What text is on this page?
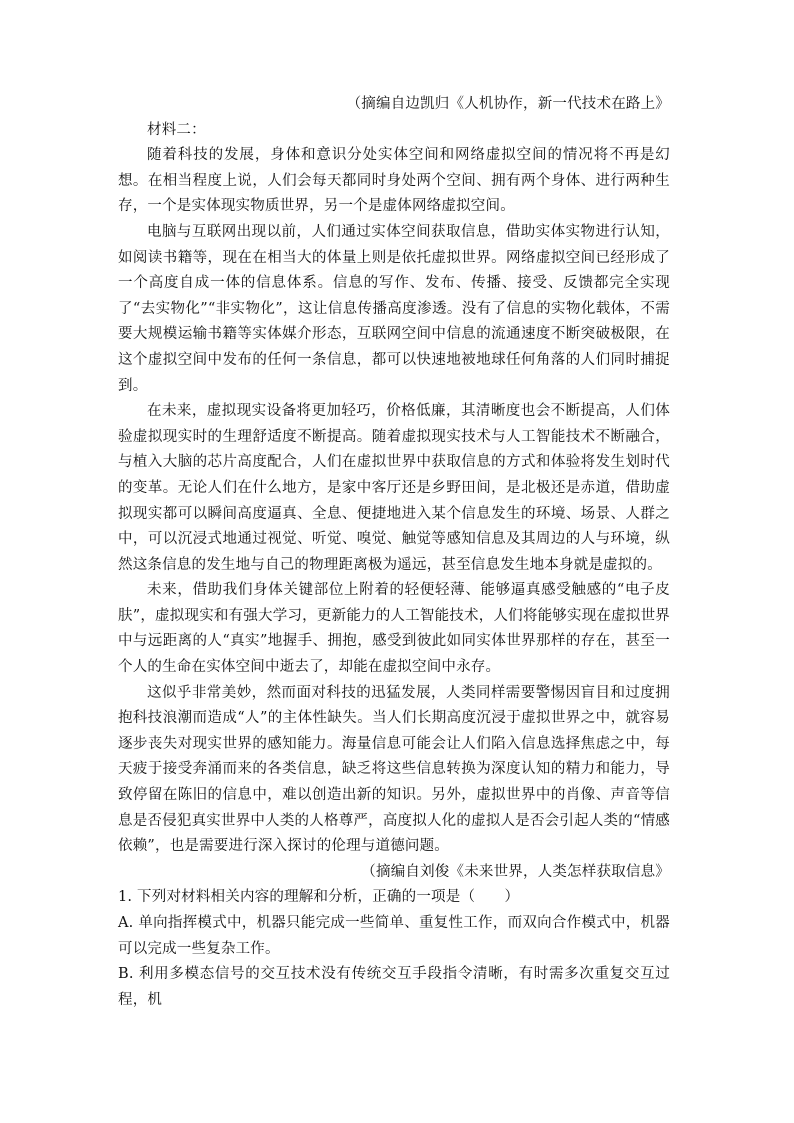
（摘编自边凯归《人机协作，新一代技术在路上》

材料二：

随着科技的发展，身体和意识分处实体空间和网络虚拟空间的情况将不再是幻想。在相当程度上说，人们会每天都同时身处两个空间、拥有两个身体、进行两种生存，一个是实体现实物质世界，另一个是虚体网络虚拟空间。

电脑与互联网出现以前，人们通过实体空间获取信息，借助实体实物进行认知，如阅读书籍等，现在在相当大的体量上则是依托虚拟世界。网络虚拟空间已经形成了一个高度自成一体的信息体系。信息的写作、发布、传播、接受、反馈都完全实现了“去实物化”“非实物化”，这让信息传播高度渗透。没有了信息的实物化载体，不需要大规模运输书籍等实体媒介形态，互联网空间中信息的流通速度不断突破极限，在这个虚拟空间中发布的任何一条信息，都可以快速地被地球任何角落的人们同时捕捉到。

在未来，虚拟现实设备将更加轻巧，价格低廉，其清晰度也会不断提高，人们体验虚拟现实时的生理舒适度不断提高。随着虚拟现实技术与人工智能技术不断融合，与植入大脑的芯片高度配合，人们在虚拟世界中获取信息的方式和体验将发生划时代的变革。无论人们在什么地方，是家中客厅还是乡野田间，是北极还是赤道，借助虚拟现实都可以瞬间高度逼真、全息、便捷地进入某个信息发生的环境、场景、人群之中，可以沉浸式地通过视觉、听觉、嗅觉、触觉等感知信息及其周边的人与环境，纵然这条信息的发生地与自己的物理距离极为遥远，甚至信息发生地本身就是虚拟的。

未来，借助我们身体关键部位上附着的轻便轻薄、能够逼真感受触感的“电子皮肤”，虚拟现实和有强大学习，更新能力的人工智能技术，人们将能够实现在虚拟世界中与远距离的人“真实”地握手、拥抱，感受到彼此如同实体世界那样的存在，甚至一个人的生命在实体空间中逝去了，却能在虚拟空间中永存。

这似乎非常美妙，然而面对科技的迅猛发展，人类同样需要警惕因盲目和过度拥抱科技浪潮而造成“人”的主体性缺失。当人们长期高度沉浸于虚拟世界之中，就容易逐步丧失对现实世界的感知能力。海量信息可能会让人们陷入信息选择焦虑之中，每天疲于接受奔涌而来的各类信息，缺乏将这些信息转换为深度认知的精力和能力，导致停留在陈旧的信息中，难以创造出新的知识。另外，虚拟世界中的肖像、声音等信息是否侵犯真实世界中人类的人格尊严，高度拟人化的虚拟人是否会引起人类的“情感依赖”，也是需要进行深入探讨的伦理与道德问题。

（摘编自刘俊《未来世界，人类怎样获取信息》

1. 下列对材料相关内容的理解和分析，正确的一项是（　　）

A. 单向指挥模式中，机器只能完成一些简单、重复性工作，而双向合作模式中，机器可以完成一些复杂工作。

B. 利用多模态信号的交互技术没有传统交互手段指令清晰，有时需多次重复交互过程，机
